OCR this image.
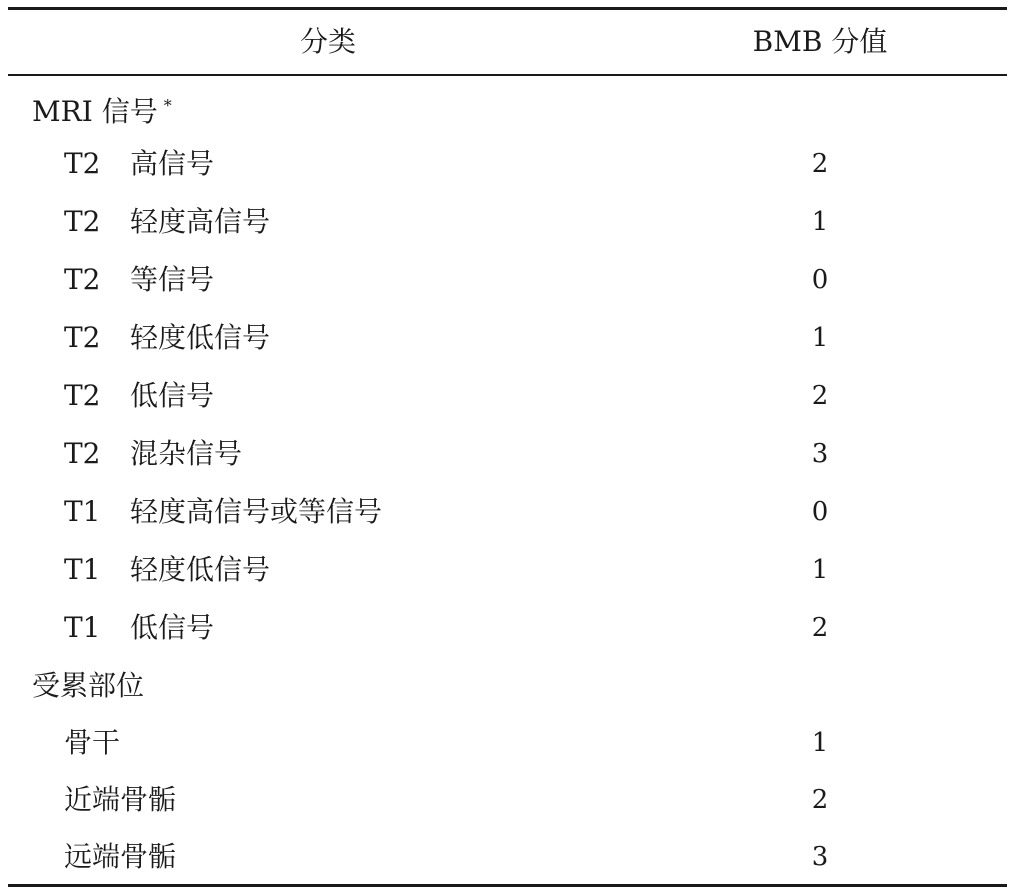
分类	BMB 分值
MRI 信号 *
T2 高信号	2
T2 轻度高信号	1
T2 等信号	0
T2 轻度低信号	1
T2 低信号	2
T2 混杂信号	3
T1 轻度高信号或等信号	0
T1 轻度低信号	1
T1 低信号	2
受累部位
骨干	1
近端骨骺	2
远端骨骺	3
